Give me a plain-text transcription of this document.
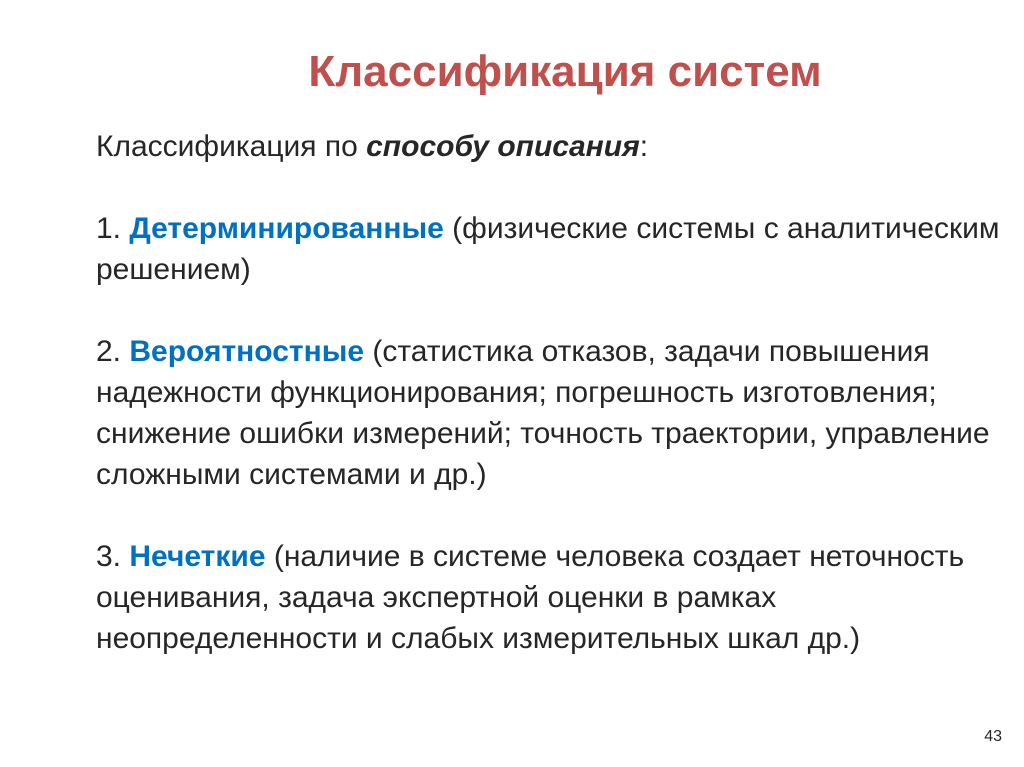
Классификация систем

Классификация по способу описания:

1. Детерминированные (физические системы с аналитическим решением)

2. Вероятностные (статистика отказов, задачи повышения надежности функционирования; погрешность изготовления; снижение ошибки измерений; точность траектории, управление сложными системами и др.)

3. Нечеткие (наличие в системе человека создает неточность оценивания, задача экспертной оценки в рамках неопределенности и слабых измерительных шкал др.)

43
